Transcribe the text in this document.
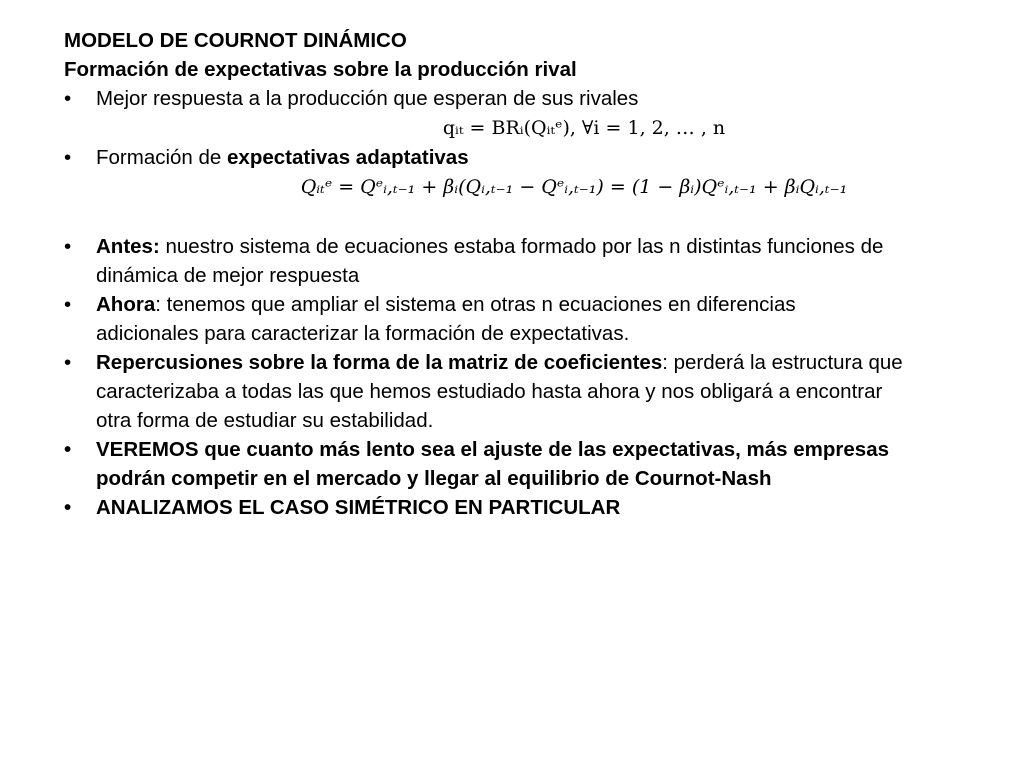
MODELO DE COURNOT DINÁMICO
Formación de expectativas sobre la producción rival
•	Mejor respuesta a la producción que esperan de sus rivales
qᵢₜ = BRᵢ(Qᵢₜᵉ), ∀i = 1, 2, … , n
•	Formación de expectativas adaptativas
Qᵢₜᵉ = Qᵉᵢ,ₜ₋₁ + βᵢ(Qᵢ,ₜ₋₁ − Qᵉᵢ,ₜ₋₁) = (1 − βᵢ)Qᵉᵢ,ₜ₋₁ + βᵢQᵢ,ₜ₋₁
•	Antes: nuestro sistema de ecuaciones estaba formado por las n distintas funciones de
dinámica de mejor respuesta
•	Ahora: tenemos que ampliar el sistema en otras n ecuaciones en diferencias
adicionales para caracterizar la formación de expectativas.
•	Repercusiones sobre la forma de la matriz de coeficientes: perderá la estructura que
caracterizaba a todas las que hemos estudiado hasta ahora y nos obligará a encontrar
otra forma de estudiar su estabilidad.
•	VEREMOS que cuanto más lento sea el ajuste de las expectativas, más empresas
podrán competir en el mercado y llegar al equilibrio de Cournot-Nash
•	ANALIZAMOS EL CASO SIMÉTRICO EN PARTICULAR
